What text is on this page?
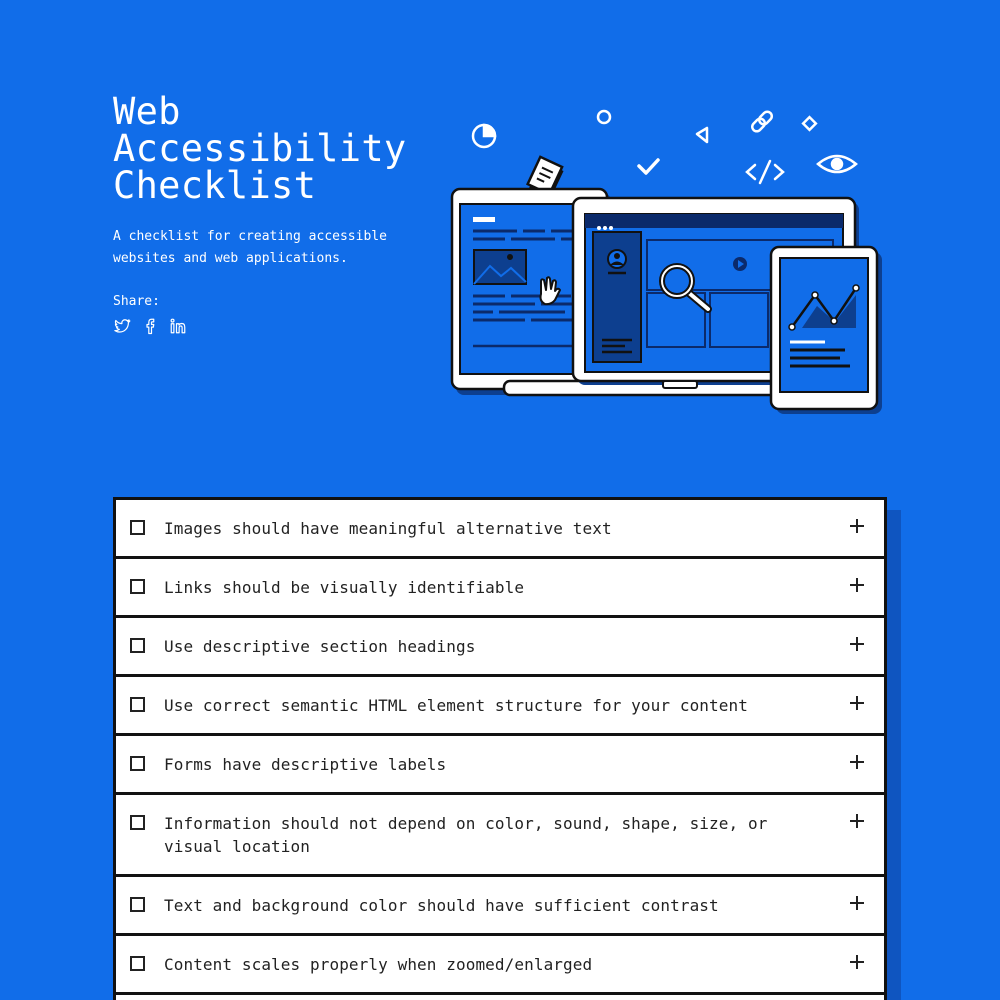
Web
Accessibility
Checklist

A checklist for creating accessible websites and web applications.

Share:
Images should have meaningful alternative text
Links should be visually identifiable
Use descriptive section headings
Use correct semantic HTML element structure for your content
Forms have descriptive labels
Information should not depend on color, sound, shape, size, or visual location
Text and background color should have sufficient contrast
Content scales properly when zoomed/enlarged
